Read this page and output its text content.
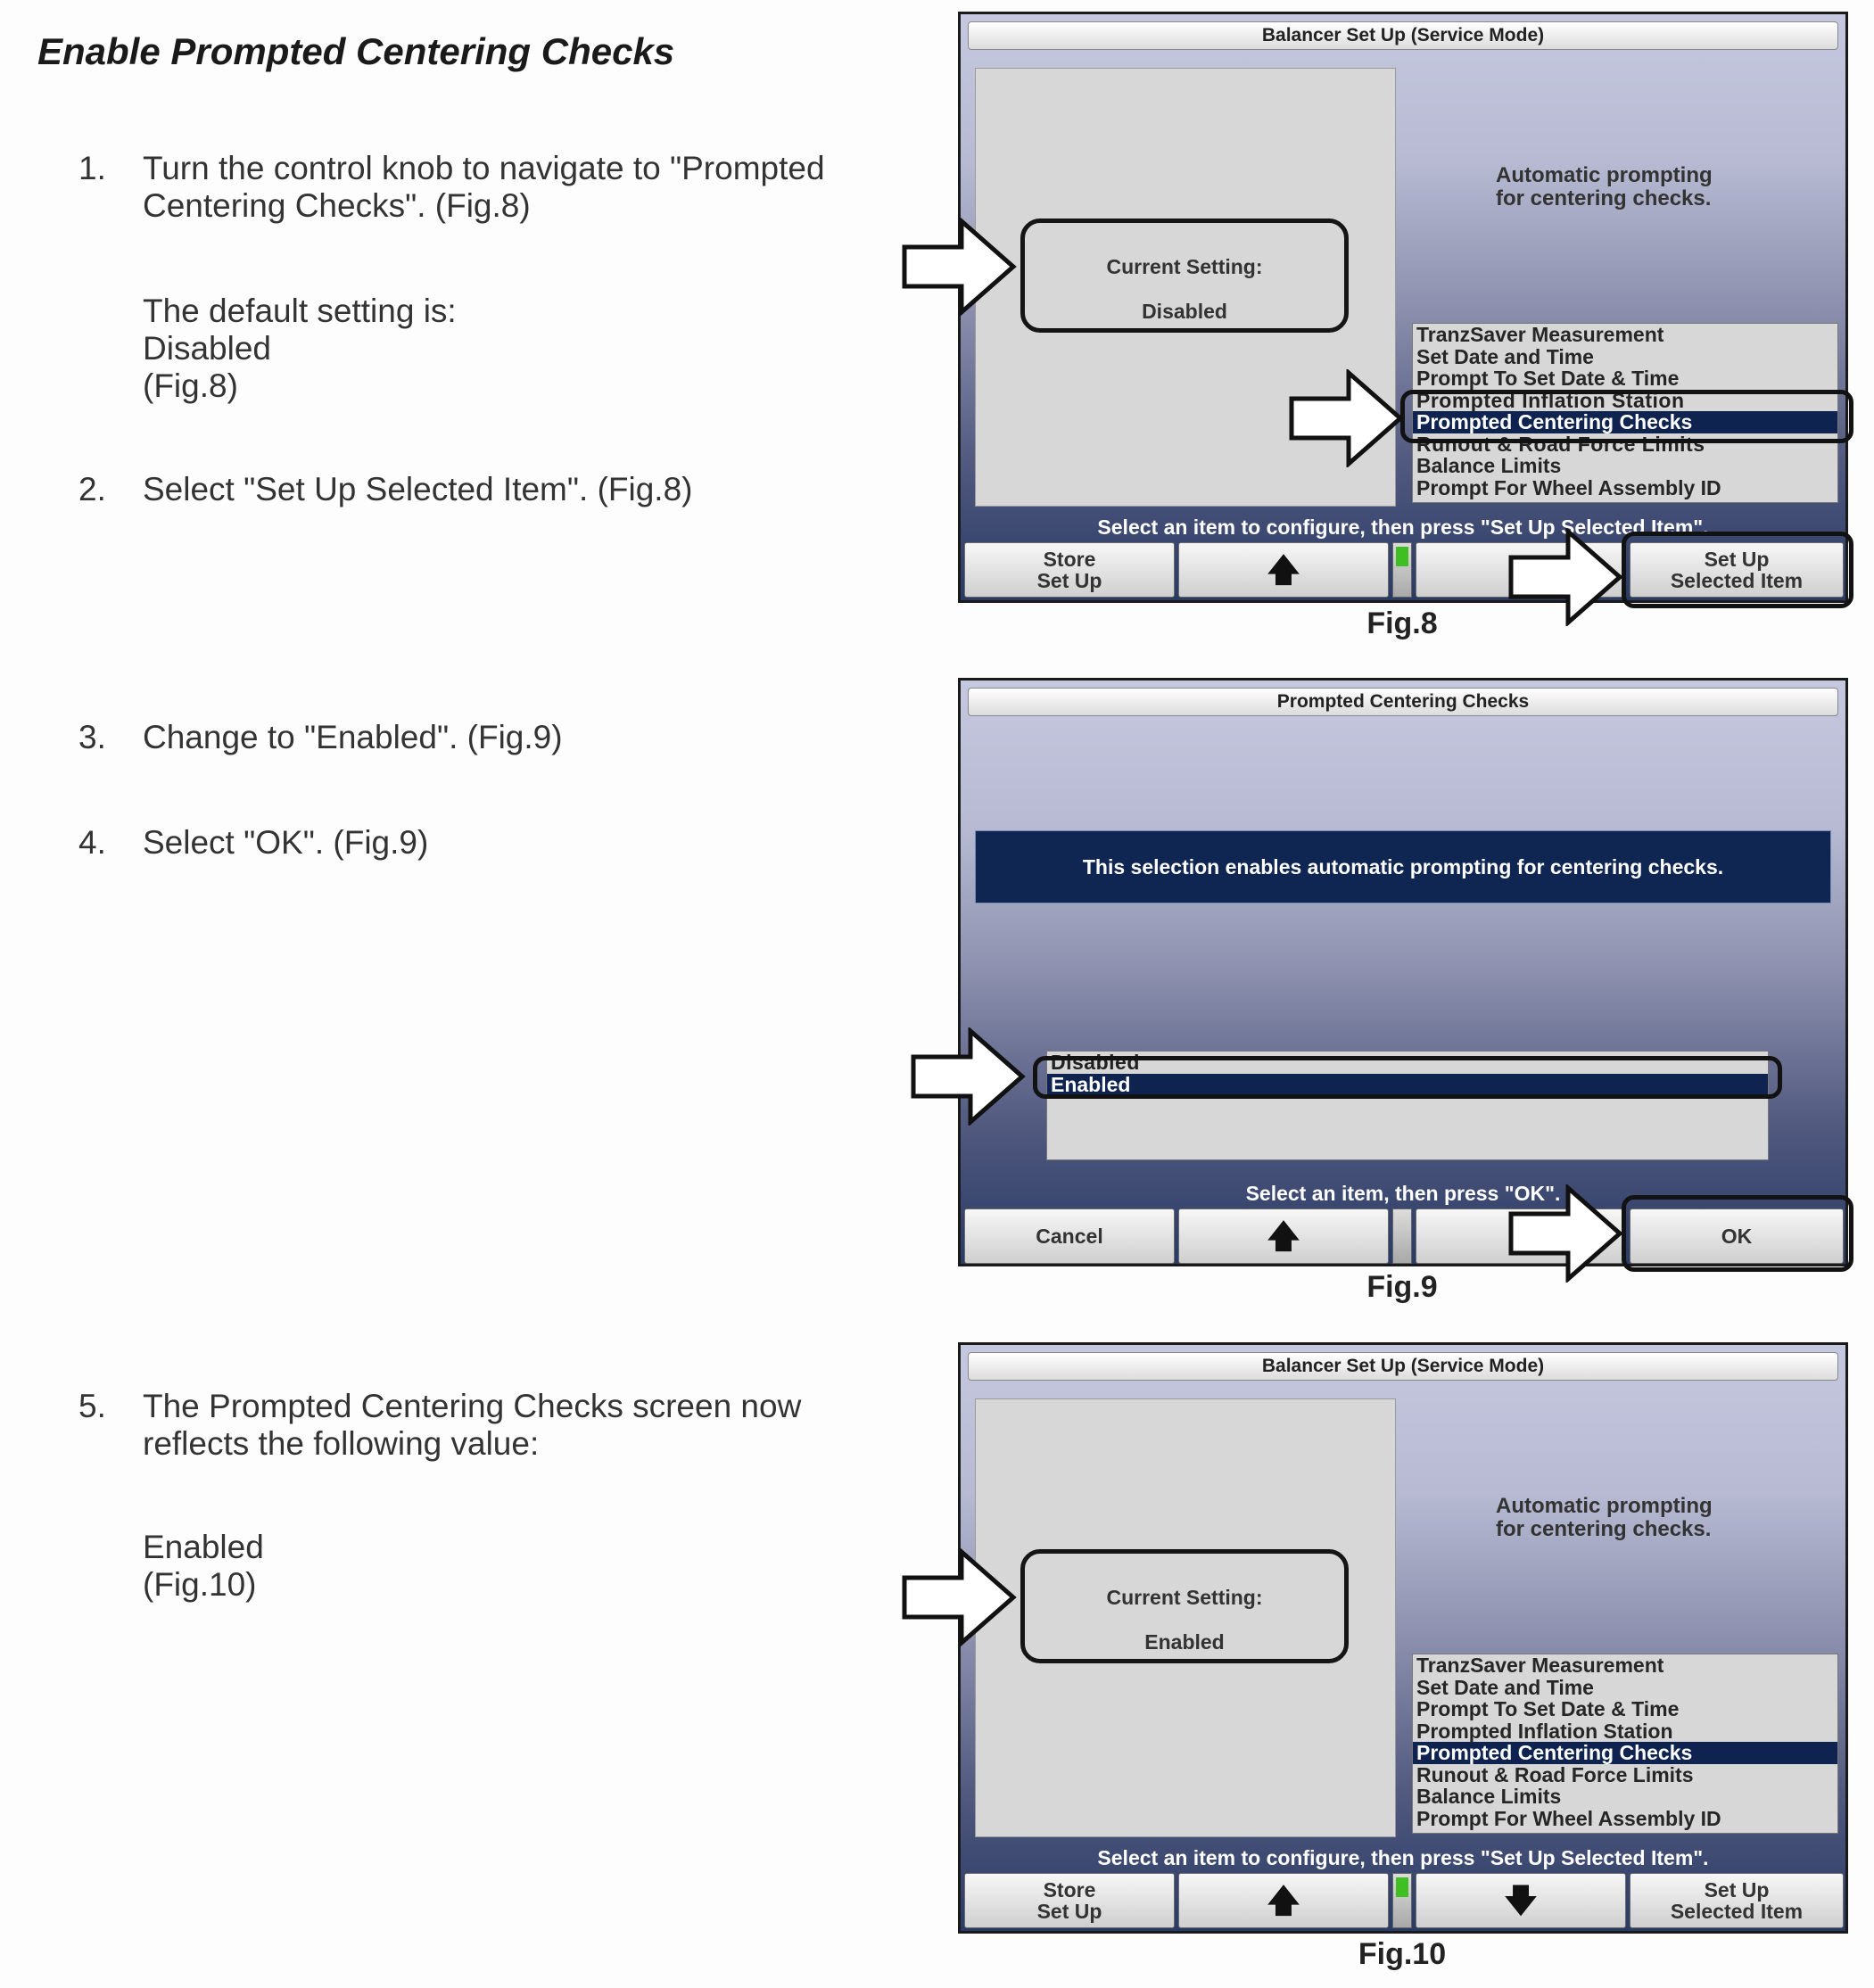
Enable Prompted Centering Checks

1. Turn the control knob to navigate to "Prompted

Centering Checks". (Fig.8)

The default setting is:

Disabled

(Fig.8)

2. Select "Set Up Selected Item". (Fig.8)

3. Change to "Enabled". (Fig.9)

4. Select "OK". (Fig.9)

5. The Prompted Centering Checks screen now

reflects the following value:

Enabled

(Fig.10)

Balancer Set Up (Service Mode)
Current Setting:
Disabled
Automatic prompting
for centering checks.
TranzSaver Measurement
Set Date and Time
Prompt To Set Date & Time
Prompted Inflation Station
Prompted Centering Checks
Runout & Road Force Limits
Balance Limits
Prompt For Wheel Assembly ID
Select an item to configure, then press "Set Up Selected Item".
Store
Set Up	🡅	Set Up
Selected Item
Fig.8
Prompted Centering Checks
This selection enables automatic prompting for centering checks.
Disabled
Enabled
Select an item, then press "OK".
Cancel	🡅	OK
Fig.9
Balancer Set Up (Service Mode)
Current Setting:
Enabled
Automatic prompting
for centering checks.
TranzSaver Measurement
Set Date and Time
Prompt To Set Date & Time
Prompted Inflation Station
Prompted Centering Checks
Runout & Road Force Limits
Balance Limits
Prompt For Wheel Assembly ID
Select an item to configure, then press "Set Up Selected Item".
Store
Set Up	🡅	🡇	Set Up
Selected Item
Fig.10
